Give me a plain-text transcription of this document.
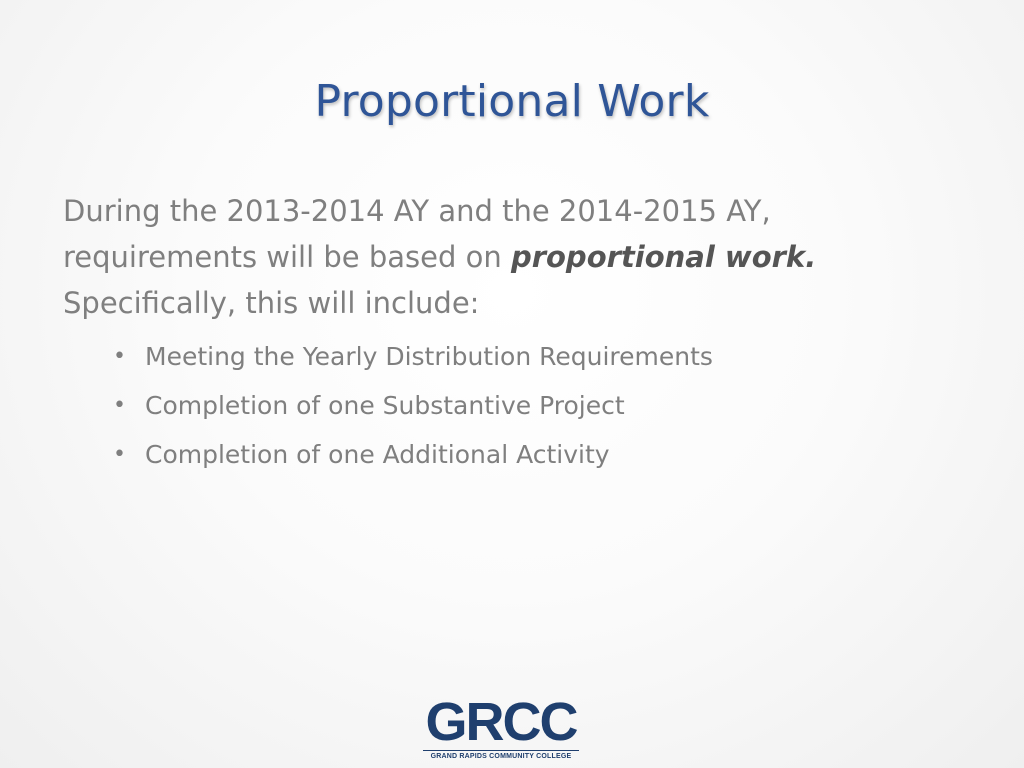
Proportional Work

During the 2013-2014 AY and the 2014-2015 AY, requirements will be based on proportional work.
Specifically, this will include:

• Meeting the Yearly Distribution Requirements
• Completion of one Substantive Project
• Completion of one Additional Activity
GRCC
GRAND RAPIDS COMMUNITY COLLEGE
